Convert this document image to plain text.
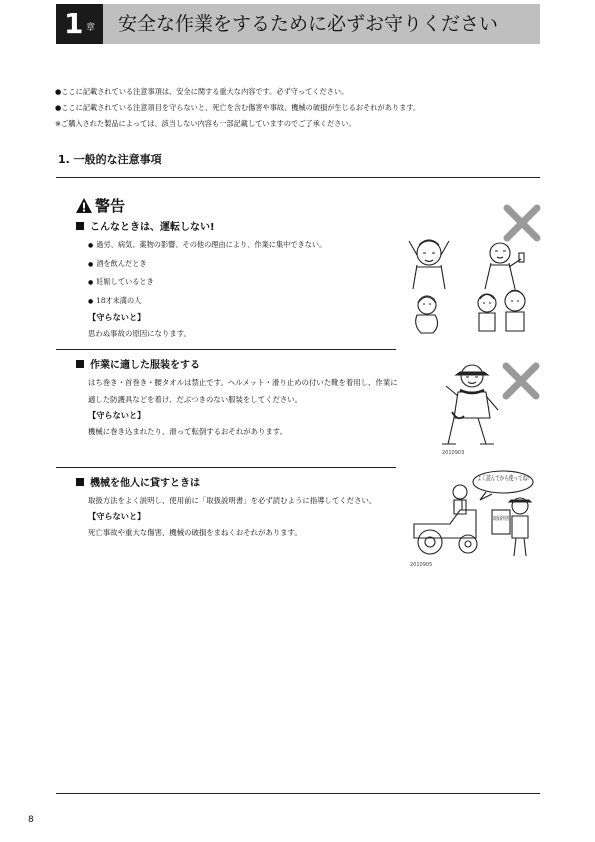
1 章 安全な作業をするために必ずお守りください
●ここに記載されている注意事項は、安全に関する重大な内容です。必ず守ってください。
●ここに記載されている注意項目を守らないと、死亡を含む傷害や事故、機械の破損が生じるおそれがあります。
※ご購入された製品によっては、該当しない内容も一部記載していますのでご了承ください。
1. 一般的な注意事項
警告
こんなときは、運転しない!
● 過労、病気、薬物の影響、その他の理由により、作業に集中できない。
● 酒を飲んだとき
● 妊娠しているとき
● 18才未満の人
【守らないと】
思わぬ事故の原因になります。
作業に適した服装をする
はち巻き・首巻き・腰タオルは禁止です。ヘルメット・滑り止めの付いた靴を着用し、作業に適した防護具などを着け、だぶつきのない服装をしてください。
【守らないと】
機械に巻き込まれたり、滑って転倒するおそれがあります。
機械を他人に貸すときは
取扱方法をよく説明し、使用前に「取扱説明書」を必ず読むように指導してください。
【守らないと】
死亡事故や重大な傷害、機械の破損をまねくおそれがあります。
2010903
よく読んでから使ってね!
取扱説明書
2010905
8
